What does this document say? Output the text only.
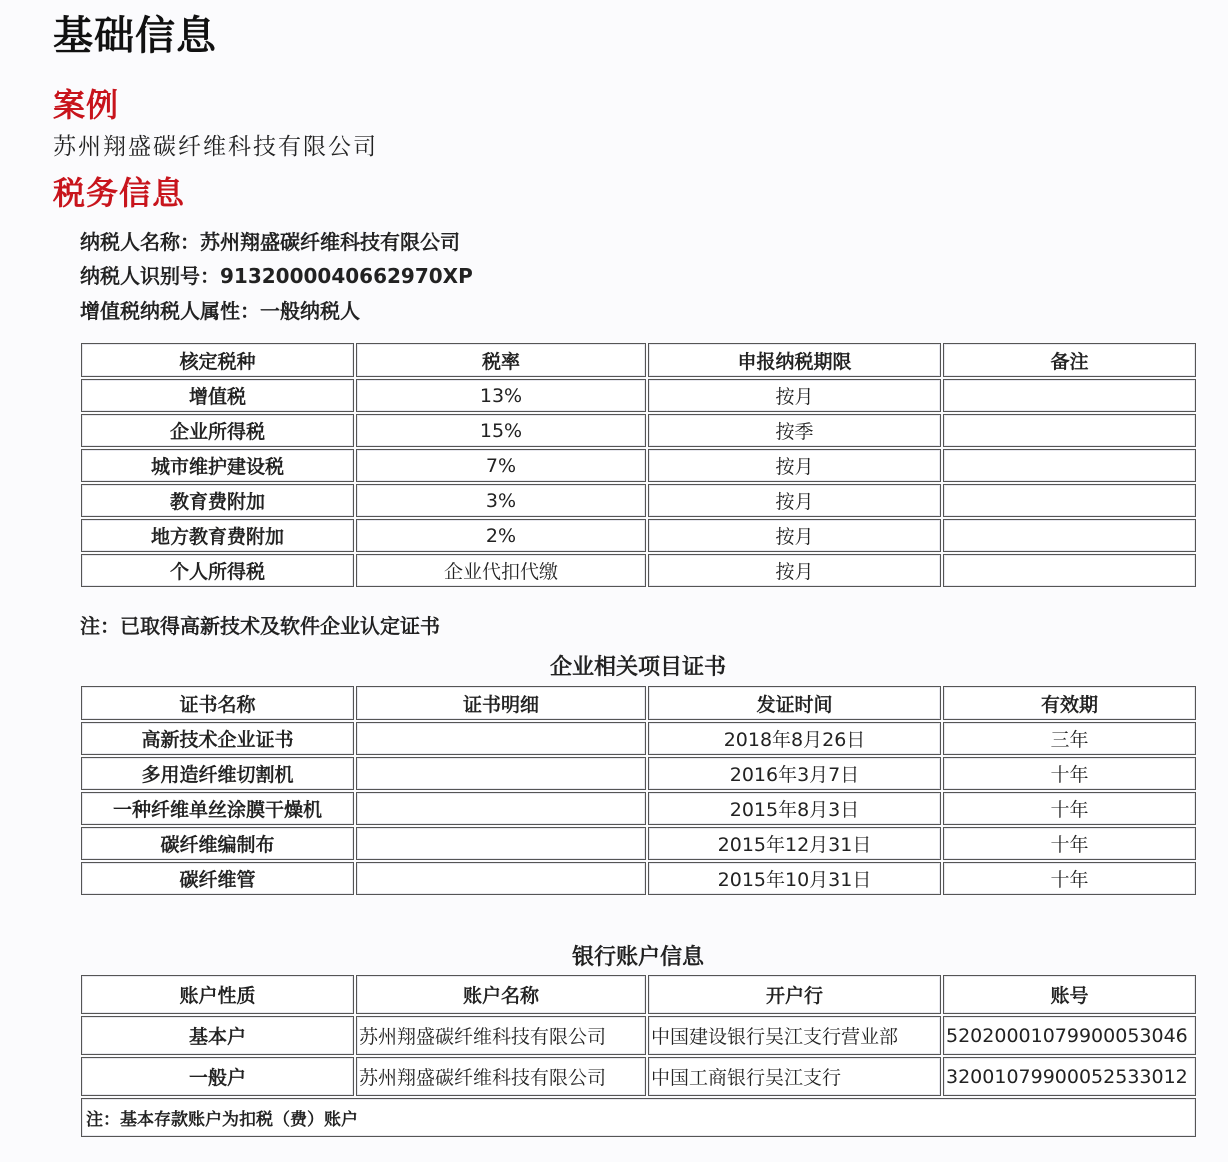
基础信息
案例
苏州翔盛碳纤维科技有限公司
税务信息
纳税人名称：苏州翔盛碳纤维科技有限公司
纳税人识别号：9132000040662970XP
增值税纳税人属性：一般纳税人
核定税种	税率	申报纳税期限	备注
增值税	13%	按月	
企业所得税	15%	按季	
城市维护建设税	7%	按月	
教育费附加	3%	按月	
地方教育费附加	2%	按月	
个人所得税	企业代扣代缴	按月	
注：已取得高新技术及软件企业认定证书
企业相关项目证书
证书名称	证书明细	发证时间	有效期
高新技术企业证书		2018年8月26日	三年
多用造纤维切割机		2016年3月7日	十年
一种纤维单丝涂膜干燥机		2015年8月3日	十年
碳纤维编制布		2015年12月31日	十年
碳纤维管		2015年10月31日	十年
银行账户信息
账户性质	账户名称	开户行	账号
基本户	苏州翔盛碳纤维科技有限公司	中国建设银行吴江支行营业部	52020001079900053046
一般户	苏州翔盛碳纤维科技有限公司	中国工商银行吴江支行	32001079900052533012
注：基本存款账户为扣税（费）账户			
